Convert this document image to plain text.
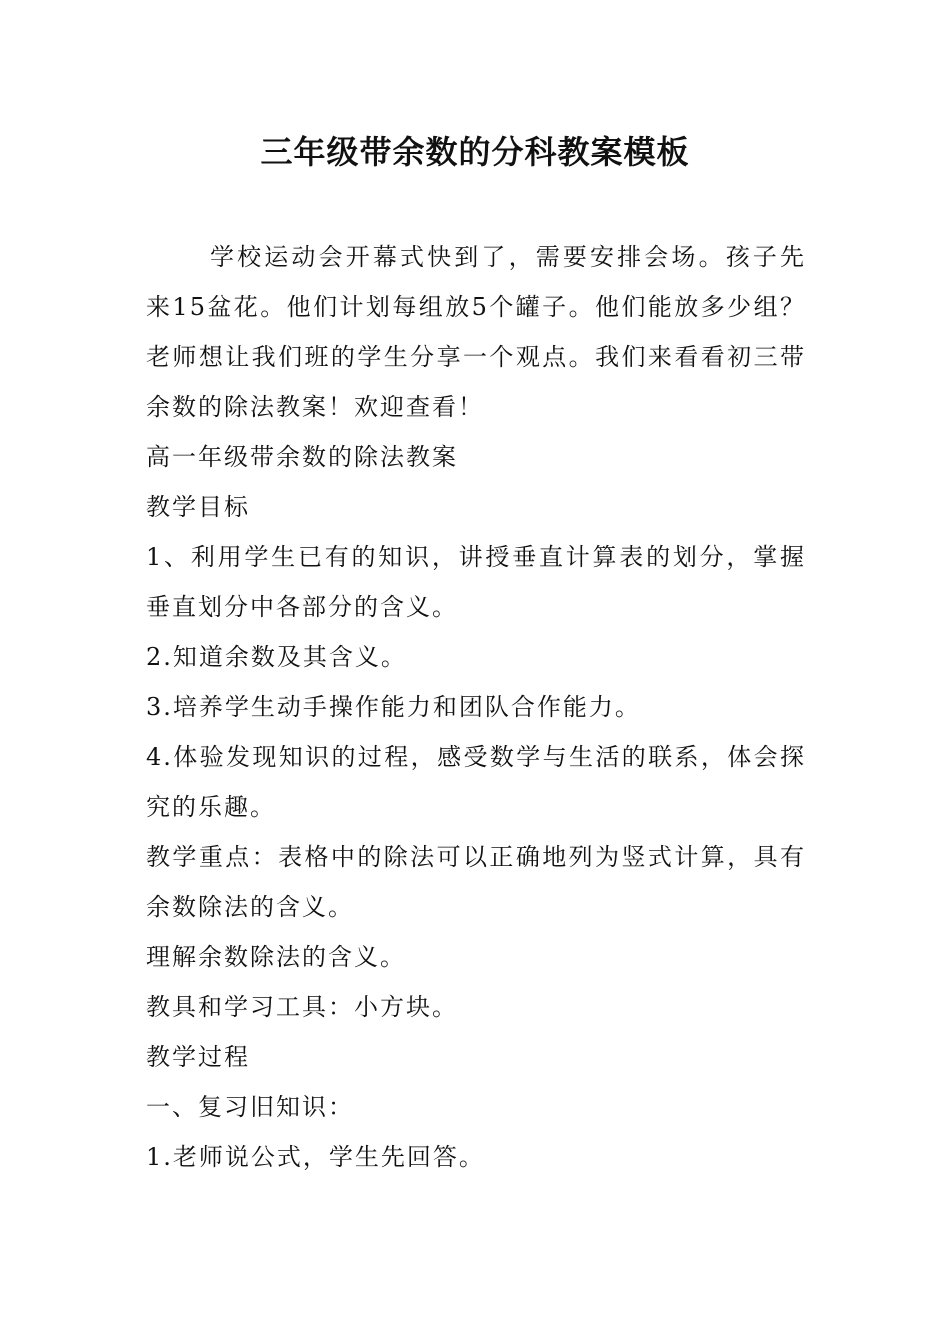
三年级带余数的分科教案模板

学校运动会开幕式快到了，需要安排会场。孩子先来15盆花。他们计划每组放5个罐子。他们能放多少组？老师想让我们班的学生分享一个观点。我们来看看初三带余数的除法教案！欢迎查看！

高一年级带余数的除法教案

教学目标

1、利用学生已有的知识，讲授垂直计算表的划分，掌握垂直划分中各部分的含义。

2.知道余数及其含义。

3.培养学生动手操作能力和团队合作能力。

4.体验发现知识的过程，感受数学与生活的联系，体会探究的乐趣。

教学重点：表格中的除法可以正确地列为竖式计算，具有余数除法的含义。

理解余数除法的含义。

教具和学习工具：小方块。

教学过程

一、复习旧知识：

1.老师说公式，学生先回答。
